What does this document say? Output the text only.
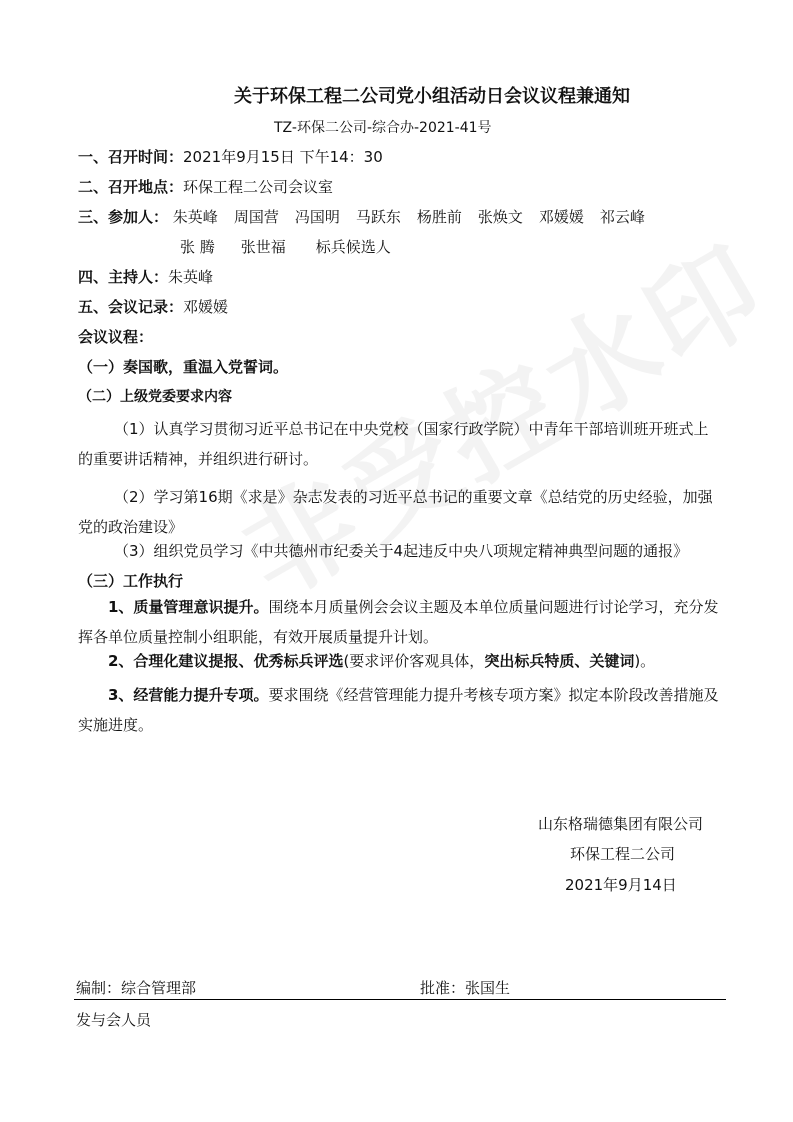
关于环保工程二公司党小组活动日会议议程兼通知
TZ-环保二公司-综合办-2021-41号
一、召开时间：2021年9月15日 下午14：30
二、召开地点：环保工程二公司会议室
三、参加人： 朱英峰 周国营 冯国明 马跃东 杨胜前 张焕文 邓媛媛 祁云峰
张 腾 张世福 标兵候选人
四、主持人：朱英峰
五、会议记录：邓媛媛
会议议程：
（一）奏国歌，重温入党誓词。
（二）上级党委要求内容
（1）认真学习贯彻习近平总书记在中央党校（国家行政学院）中青年干部培训班开班式上的重要讲话精神，并组织进行研讨。
（2）学习第16期《求是》杂志发表的习近平总书记的重要文章《总结党的历史经验，加强党的政治建设》
（3）组织党员学习《中共德州市纪委关于4起违反中央八项规定精神典型问题的通报》
（三）工作执行
1、质量管理意识提升。围绕本月质量例会会议主题及本单位质量问题进行讨论学习，充分发挥各单位质量控制小组职能，有效开展质量提升计划。
2、合理化建议提报、优秀标兵评选(要求评价客观具体，突出标兵特质、关键词)。
3、经营能力提升专项。要求围绕《经营管理能力提升考核专项方案》拟定本阶段改善措施及实施进度。
山东格瑞德集团有限公司
环保工程二公司
2021年9月14日
编制：综合管理部	批准：张国生
发与会人员
